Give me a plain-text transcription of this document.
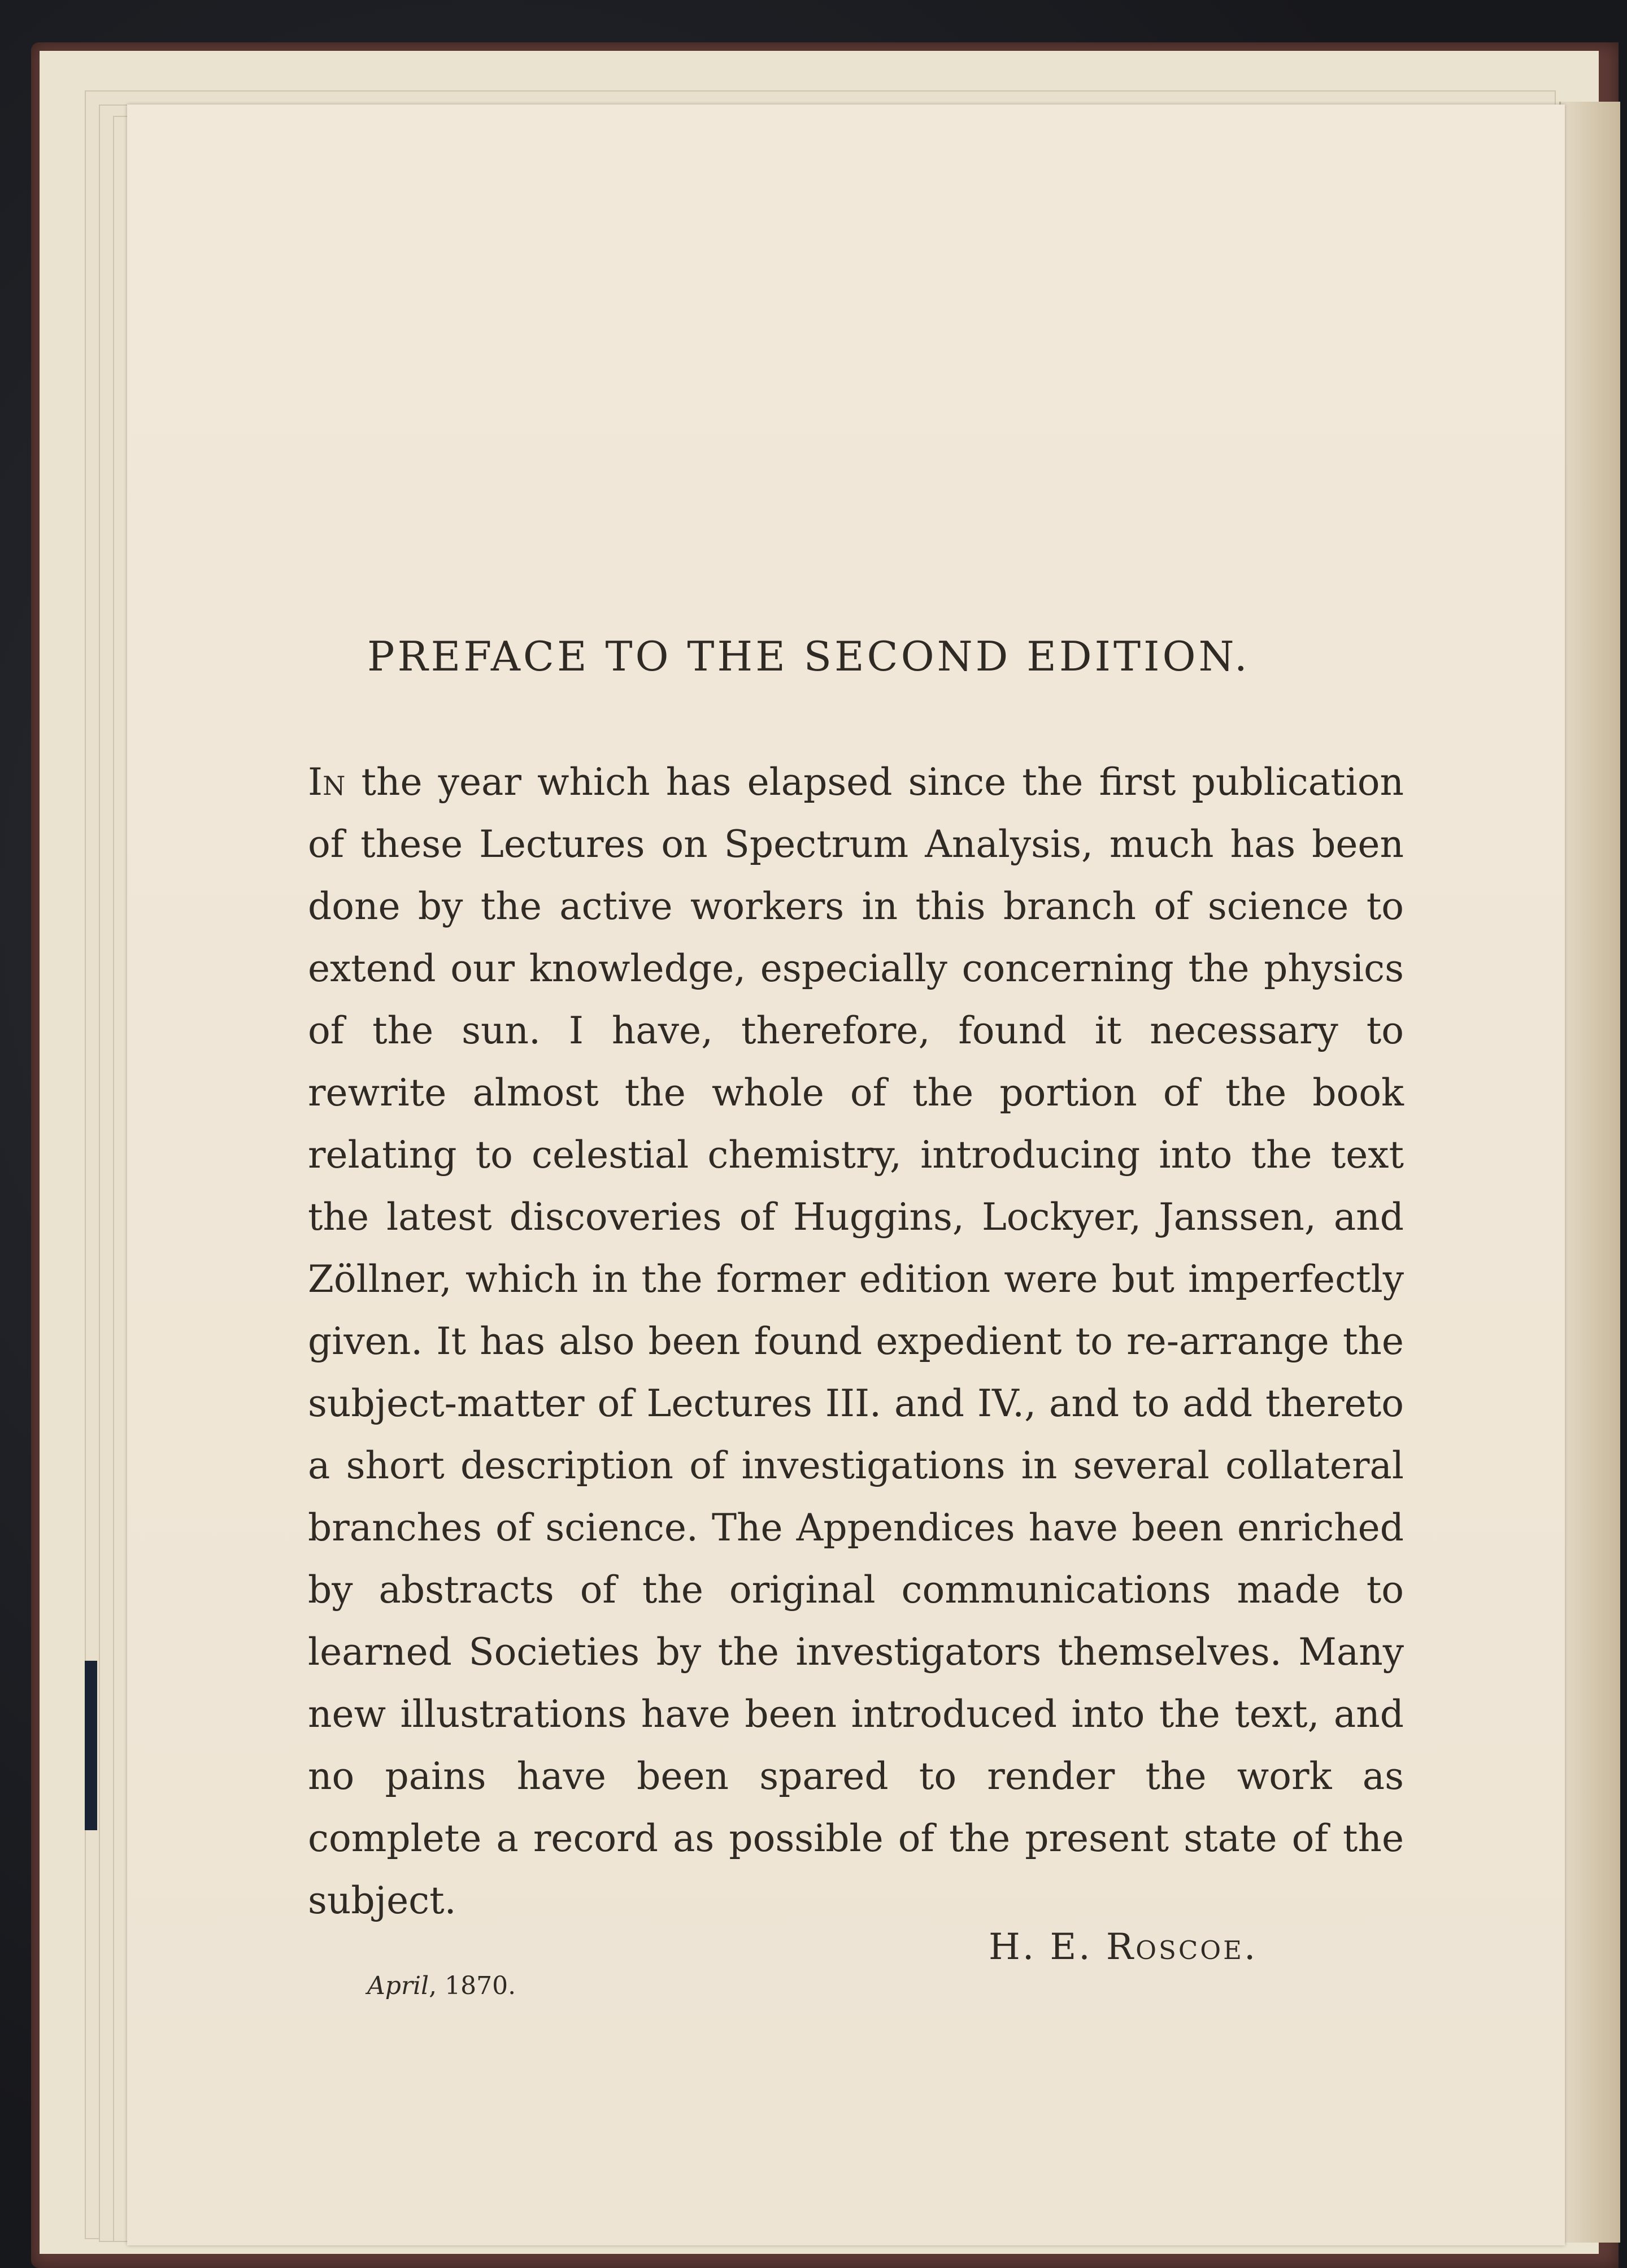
PREFACE TO THE SECOND EDITION.

In the year which has elapsed since the first publication of these Lectures on Spectrum Analysis, much has been done by the active workers in this branch of science to extend our knowledge, especially concerning the physics of the sun. I have, therefore, found it necessary to rewrite almost the whole of the portion of the book relating to celestial chemistry, introducing into the text the latest discoveries of Huggins, Lockyer, Janssen, and Zöllner, which in the former edition were but imperfectly given. It has also been found expedient to re-arrange the subject-matter of Lectures III. and IV., and to add thereto a short description of investigations in several collateral branches of science. The Appendices have been enriched by abstracts of the original communications made to learned Societies by the investigators themselves. Many new illustrations have been introduced into the text, and no pains have been spared to render the work as complete a record as possible of the present state of the subject.

H. E. Roscoe.
April, 1870.
